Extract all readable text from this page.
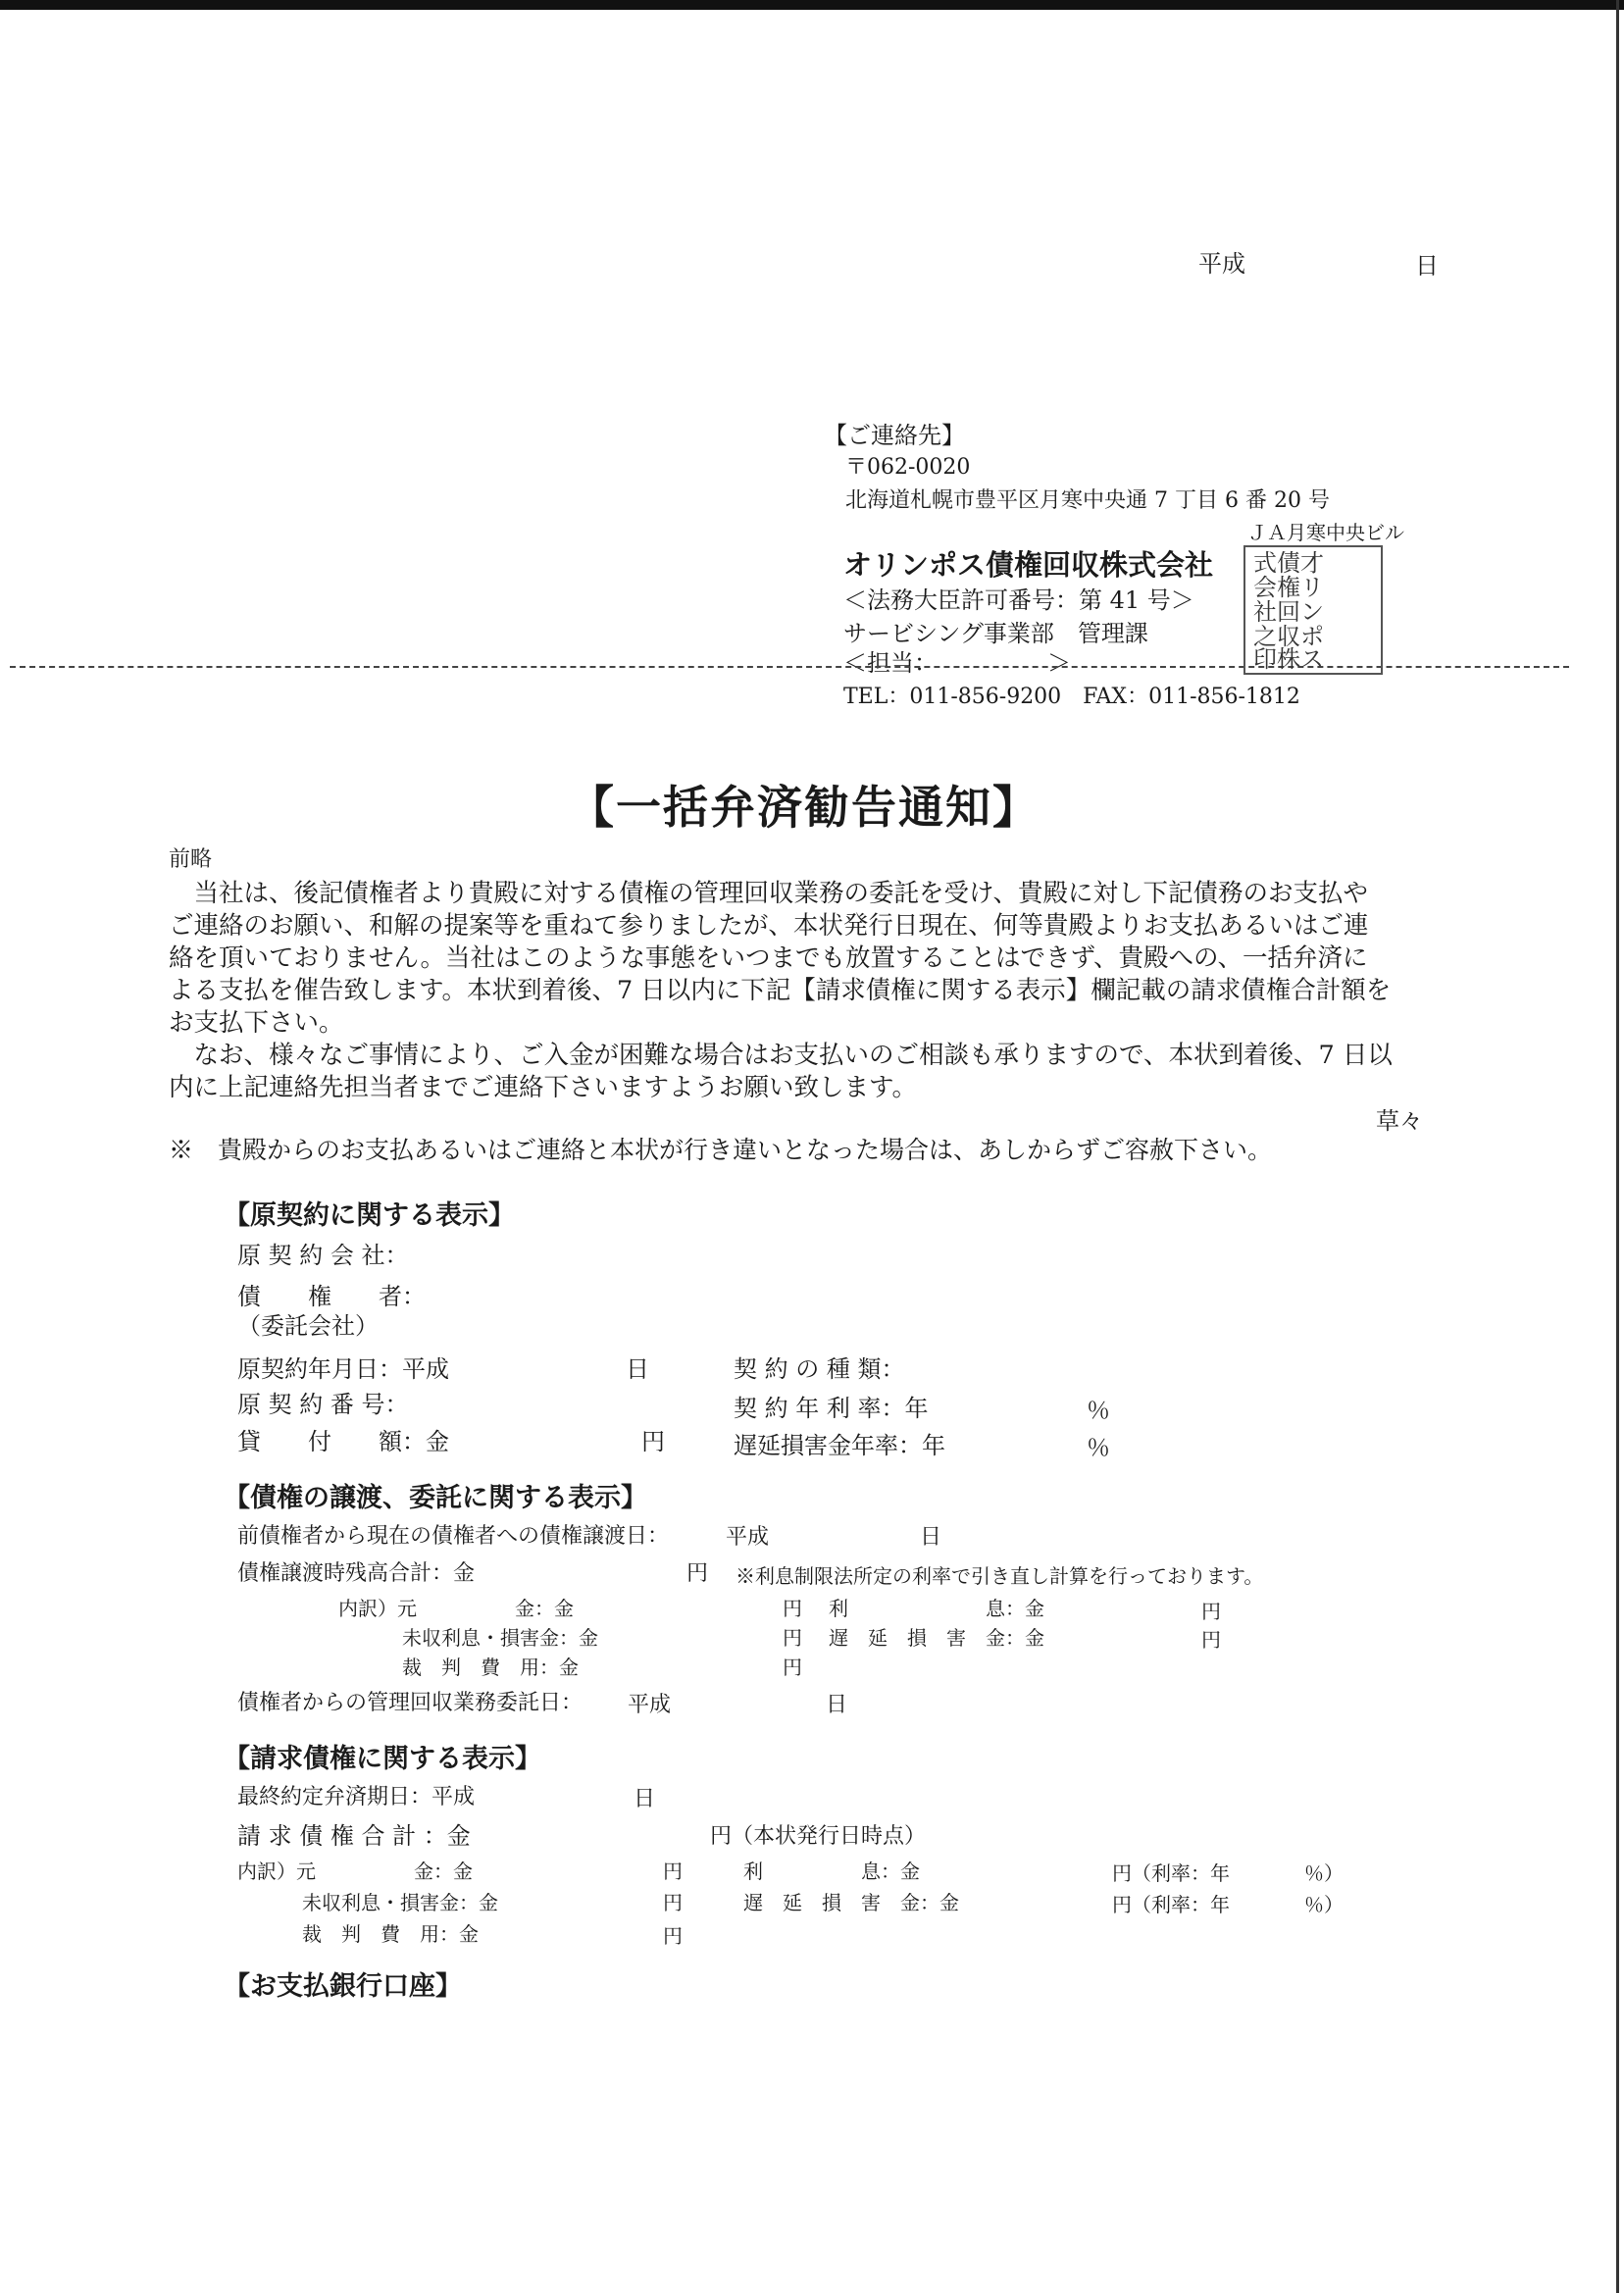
平成	日
【ご連絡先】
〒062-0020
北海道札幌市豊平区月寒中央通 7 丁目 6 番 20 号
ＪＡ月寒中央ビル
オリンポス債権回収株式会社
＜法務大臣許可番号：第 41 号＞
サービシング事業部　管理課
＜担当：	＞
TEL：011-856-9200　FAX：011-856-1812
式債才
会権リ
社回ン
之収ポ
印株ス
【一括弁済勧告通知】
前略
　当社は、後記債権者より貴殿に対する債権の管理回収業務の委託を受け、貴殿に対し下記債務のお支払や
ご連絡のお願い、和解の提案等を重ねて参りましたが、本状発行日現在、何等貴殿よりお支払あるいはご連
絡を頂いておりません。当社はこのような事態をいつまでも放置することはできず、貴殿への、一括弁済に
よる支払を催告致します。本状到着後、7 日以内に下記【請求債権に関する表示】欄記載の請求債権合計額を
お支払下さい。
　なお、様々なご事情により、ご入金が困難な場合はお支払いのご相談も承りますので、本状到着後、7 日以
内に上記連絡先担当者までご連絡下さいますようお願い致します。
草々
※　貴殿からのお支払あるいはご連絡と本状が行き違いとなった場合は、あしからずご容赦下さい。
【原契約に関する表示】
原 契 約 会 社：
債　　権　　者：
（委託会社）
原契約年月日：平成	日	契 約 の 種 類：
原 契 約 番 号：	契 約 年 利 率：年	％
貸　　付　　額：金	円	遅延損害金年率：年	％
【債権の譲渡、委託に関する表示】
前債権者から現在の債権者への債権譲渡日：	平成	日
債権譲渡時残高合計：金	円 ※利息制限法所定の利率で引き直し計算を行っております。
内訳）元　　　　　金：金	円 利　　　　　　　息：金	円
未収利息・損害金：金	円 遅　延　損　害　金：金	円
裁　判　費　用：金	円
債権者からの管理回収業務委託日： 平成	日
【請求債権に関する表示】
最終約定弁済期日：平成	日
請 求 債 権 合 計 ：金	円（本状発行日時点）
内訳）元　　　　　金：金	円	利　　　　　息：金	円（利率：年	％）
未収利息・損害金：金	円	遅　延　損　害　金：金	円（利率：年	％）
裁　判　費　用：金	円
【お支払銀行口座】
